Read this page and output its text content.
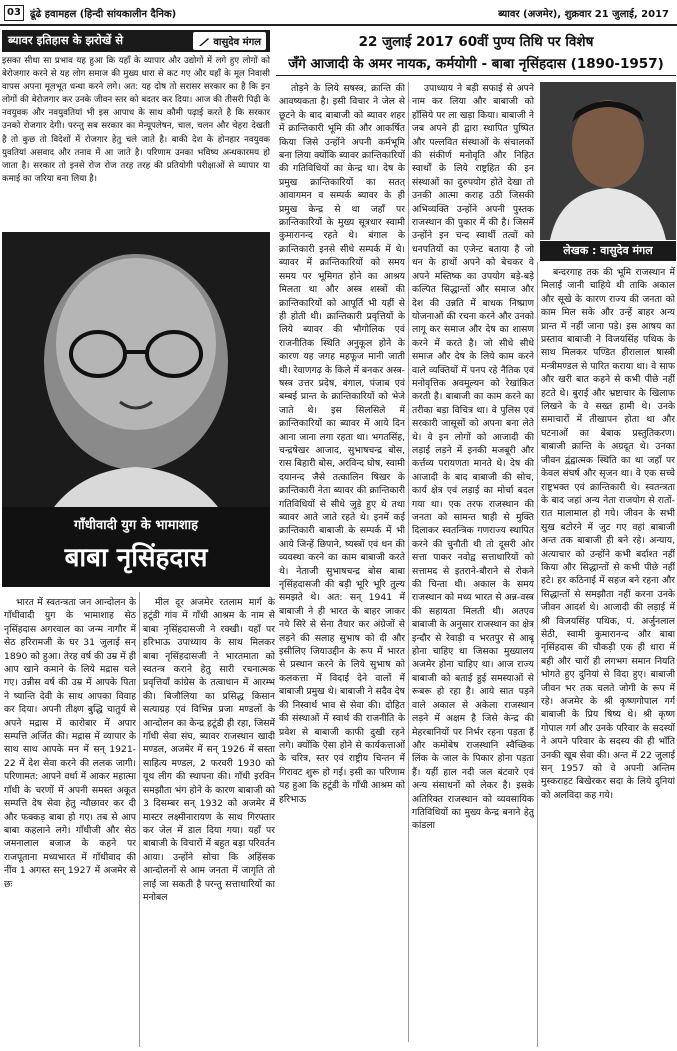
03 ढूंढे हवामहल (हिन्दी सांयकालीन दैनिक)	ब्यावर (अजमेर), शुक्रवार 21 जुलाई, 2017
ब्यावर इतिहास के झरोखें से	वासुदेव मंगल
इसका सीधा सा प्रभाव यह हुआ कि यहाँ के व्यापार और उद्योगों में लगे हुए लोगों को बेरोजगार करने से यह लोग समाज की मुख्य धारा से कट गए और यहाँ के मूल निवासी वापस अपना मूलभूत धन्धा करने लगे। अत: यह दोष तो सरासर सरकार का है कि इन लोगों की बेरोजगार कर उनके जीवन स्तर को बदतर कर दिया। आज की तीसरी पिढ़ी के नवयुवक और नवयुवतियां भी इस आपाध के साथ कौमी पढ़ाई करते है कि सरकार उनको रोजगार देगी। परन्तु सब सरकार का मेन्यूपलेषन, चाल, चलन और चेहरा देखती है तो कुछ तो विदेशों में रोजगार हेतु चले जाते है। बाकी देश के होनहार नवयुवक युवतियां असवाद और तनाव में आ जाते है। परिणाम उनका भविष्य अन्धकारमय हो जाता है। सरकार तो इनसे रोज रोज तरह तरह की प्रतियोगी परीक्षाओं से व्यापार या कमाई का जरिया बना लिया है।
गाँधीवादी युग के भामाशाह
बाबा नृसिंहदास
22 जुलाई 2017 60वीं पुण्य तिथि पर विशेष
जँगे आजादी के अमर नायक, कर्मयोगी - बाबा नृसिंहदास (1890-1957)
लेखक : वासुदेव मंगल

भारत में स्वतन्त्रता जन आन्दोलन के गाँधीवादी युग के भामाशाह सेठ नृसिंहदास अगरवाल का जन्म नागौर में सेठ हरिरामजी के घर 31 जुलाई सन् 1890 को हुआ। तेरह वर्ष की उम्र में ही आप खाने कमाने के लिये मद्रास चले गए। उन्नीस वर्ष की उम्र में आपके पिता ने ष्यान्ति देवी के साथ आपका विवाह कर दिया। अपनी तीक्ष्ण बुद्धि चातुर्य से अपने मद्रास में कारोबार में अपार सम्पत्ति अर्जित की। मद्रास में व्यापार के साथ साथ आपके मन में सन् 1921-22 में देश सेवा करने की ललक जागी। परिणामत: आपने वर्धा में आकर महात्मा गाँधी के चरणों में अपनी समस्त अकूत सम्पत्ति देष सेवा हेतु न्यौछावर कर दी और फक्कड़ बाबा हो गए। तब से आप बाबा कहलाने लगे। गाँधीजी और सेठ जमनालाल बजाज के कहने पर राजपूताना मध्यभारत में गाँधीवाद की नींव 1 अगस्त सन् 1927 में अजमेर से छः

मील दूर अजमेर रतलाम मार्ग के हटूंडी गांव में गाँधी आश्रम के नाम से बाबा नृसिंहदासजी ने रक्खी। यहाँ पर हरिभाऊ उपाध्याय के साथ मिलकर बाबा नृसिंहदासजी ने भारतमाता को स्वतन्त्र कराने हेतु सारी रचनात्मक प्रवृत्तियाँ कांग्रेस के तत्वाधान में आरम्भ की। बिजौलिया का प्रसिद्ध किसान सत्याग्रह एवं विभिन्न प्रजा मण्डलों के आन्दोलन का केन्द्र हटूंडी ही रहा, जिसमें गाँधी सेवा संघ, ब्यावर राजस्थान खादी मण्डल, अजमेर में सन् 1926 में सस्ता साहित्य मण्डल, 2 फरवरी 1930 को यूथ लीग की स्थापना की। गाँधी इरविन समझौता भंग होने के कारण बाबाजी को 3 दिसम्बर सन् 1932 को अजमेर में मास्टर लक्ष्मीनारायण के साथ गिरफ्तार कर जेल में डाल दिया गया। यहाँ पर बाबाजी के विचारों में बहुत बड़ा परिवर्तन आया। उन्होंने सोचा कि अहिंसक आन्दोलनों से आम जनता में जागृति तो लाई जा सकती है परन्तु सत्ताधारियों का मनोबल

तोड़ने के लिये सषस्त्र, क्रान्ति की आवष्यकता है। इसी विचार ने जेल से छूटने के बाद बाबाजी को ब्यावर शहर में क्रान्तिकारी भूमि की और आकर्षित किया जिसे उन्होंने अपनी कर्मभूमि बना लिया क्योंकि ब्यावर क्रान्तिकारियों की गतिविधियों का केन्द्र था। देष के प्रमुख क्रान्तिकारियों का सतत् आवागमन व सम्पर्क ब्यावर के ही प्रमुख केन्द्र से था जहाँ पर क्रान्तिकारियों के मुख्य सूत्रधार स्वामी कुमारानन्द रहते थे। बंगाल के क्रान्तिकारी इनसे सीधे सम्पर्क में थे। ब्यावर में क्रान्तिकारियों को समय समय पर भूमिगत होने का आश्रय मिलता था और अस्त्र शस्त्रों की क्रान्तिकारियों को आपूर्ति भी यहीं से ही होती थी। क्रान्तिकारी प्रवृत्तियों के लिये ब्यावर की भौगोलिक एवं राजनीतिक स्थिति अनुकूल होने के कारण यह जगह महफूज मानी जाती थी। रेवाणगढ़ के किले में बनकर अस्त्र-षस्त्र उत्तर प्रदेष, बंगाल, पंजाब एवं बम्बई प्रान्त के क्रान्तिकारियों को भेजे जाते थे। इस सिलसिले में क्रान्तिकारियों का ब्यावर में आये दिन आना जाना लगा रहता था। भगतसिंह, चन्द्रषेखर आजाद, सुभाषचन्द्र बोस, रास बिहारी बोस, अरविन्द घोष, स्वामी दयानन्द जैसे तत्कालिन षिखर के क्रान्तिकारी नेता ब्यावर की क्रान्तिकारी गतिविधियों से सीधे जुड़े हुए थे तथा ब्यावर आते जाते रहते थे। इनमें कई क्रान्तिकारी बाबाजी के सम्पर्क में भी आये जिन्हें छिपाने, ष्यस्त्रों एवं धन की व्यवस्था करने का काम बाबाजी करते थे। नेताजी सुभाषचन्द्र बोस बाबा नृसिंहदासजी की बड़ी भूरि भूरि तुल्य समझते थे। अत: सन् 1941 में बाबाजी ने ही भारत के बाहर जाकर नये सिरे से सेना तैयार कर अंग्रेजों से लड़ने की सलाह सुभाष को दी और इसीलिए जियाउद्दीन के रूप में भारत से प्रस्थान करने के लिये सुभाष को कलकत्ता में विदाई देने वालों में बाबाजी प्रमुख थे। बाबाजी ने सदैव देष की निस्वार्थ भाव से सेवा की। दोहित की संस्थाओं में स्वार्थ की राजनीति के प्रवेश से बाबाजी काफी दुखी रहने लगे। क्योंकि ऐसा होने से कार्यकत्ताओं के चरित्र, स्तर एवं राष्ट्रीय चिन्तन में गिरावट शुरू हो गई। इसी का परिणाम यह हुआ कि हटूंडी के गाँधी आश्रम को हरिभाऊ

उपाध्याय ने बड़ी सफाई से अपने नाम कर लिया और बाबाजी को हाँसिये पर ला खड़ा किया। बाबाजी ने जब अपने ही द्वारा स्थापित पुष्पित और पल्लवित संस्थाओं के संचालकों की संकीर्ण मनोवृति और निहित स्वार्थों के लिये राष्ट्रहित की इन संस्थाओं का दुरुपयोग होते देखा तो उनकी आत्मा कराह उठी जिसकी अभिव्यक्ति उन्होंने अपनी पुस्तक राजस्थान की पुकार में की है। जिसमें उन्होंने इन चन्द स्वार्थी तत्वों को धनपतियों का एजेन्ट बताया है जो धन के हाथों अपने को बेचकर वे अपने मस्तिष्क का उपयोग बड़े-बड़े कल्पित सिद्धान्तों और समाज और देश की उन्नति में बाधक निष्प्राण योजनाओं की रचना करने और उनको लागू कर समाज और देष का शासण करने में करते है। जो सीधे सीधे समाज और देष के लिये काम करने वाले व्यक्तियों में पनप रहे नैतिक एवं मनोवृत्तिक अवमूल्यन को रेखांकित करती है। बाबाजी का काम करने का तरीका बड़ा विचित्र था। वे पुलिस एवं सरकारी जासूसों को अपना बना लेते थे। वे इन लोगों को आजादी की लड़ाई लड़ने में इनकी मजबूरी और कर्त्तव्य परायणता मानते थे। देष की आजादी के बाद बाबाजी की सोच, कार्य क्षेत्र एवं लड़ाई का मोर्चा बदल गया था। एक तरफ राजस्थान की जनता को सामन्त षाही से मुक्ति दिलाकर स्वतन्त्रिक गणराज्य स्थापित करने की चुनौती थी तो दूसरी ओर सत्ता पाकर नवोद्व सत्ताधारियों को सत्तामद से इतराने-बौराने से रोकने की चिन्ता थी। अकाल के समय राजस्थान को मध्य भारत से अन्न-वस्त्र की सहायता मिलती थी। अतएव बाबाजी के अनुसार राजस्थान का क्षेत्र इन्दौर से रेवाड़ी व भरतपुर से आबू होना चाहिए था जिसका मुख्यालय अजमेर होना चाहिए था। आज राज्य बाबाजी को बताई हुई समस्याओं से रूबरू हो रहा है। आये सात पड़ने वाले अकाल से अकेला राजस्थान लड़ने में अक्षम है जिसे केन्द्र की मेहरबानियों पर निर्भर रहना पड़ता हैं और कमोबेष राजस्थानि स्वैच्छिक लिंक के जाल के पिकार होना पड़ता हैं। यहीं हाल नदी जल बंटवारे एवं अन्य संसाधनों को लेकर है। इसके अतिरिक्त राजस्थान को व्यवसायिक गतिविधियों का मुख्य केन्द्र बनाने हेतु कांडला

बन्दरगाह तक की भूमि राजस्थान में मिलाई जानी चाहिये थी ताकि अकाल और सूखे के कारण राज्य की जनता को काम मिल सके और उन्हें बाहर अन्य प्रान्त में नहीं जाना पड़े। इस आषय का प्रस्ताव बाबाजी ने विजयसिंह पथिक के साथ मिलकर पण्डित हीरालाल षास्त्री मन्त्रीमण्डल से पारित कराया था। वे साफ और खरी बात कहने से कभी पीछे नहीं हटते थे। बुराई और भ्रष्टाचार के खिलाफ लिखने के वे सख्त हामी थे। उनके समाचारों में तीखापन होता था और घटनाओं का बेबाक प्रस्तुतिकरण। बाबाजी क्रान्ति के अग्रदूत थे। उनका जीवन द्वंद्वात्मक स्थिति का था जहाँ पर केवल संघर्ष और सृजन था। वे एक सच्चे राष्ट्रभक्त एवं क्रान्तिकारी थे। स्वतन्त्रता के बाद जहां अन्य नेता राजयोग से रातों-रात मालामाल हो गये। जीवन के सभी सुख बटोरने में जुट गए वहां बाबाजी अन्त तक बाबाजी ही बने रहे। अन्याय, अत्याचार को उन्होंने कभी बर्दाश्त नहीं किया और सिद्धान्तों से कभी पीछे नहीं हटे। हर कठिनाई में सहज बने रहना और सिद्धान्तों से समझौता नहीं करना उनके जीवन आदर्श थे। आजादी की लड़ाई में श्री विजयसिंह पथिक, पं. अर्जुनलाल सेठी, स्वामी कुमारानन्द और बाबा नृसिंहदास की चौकड़ी एक ही धारा में बही और चारों ही लगभग समान नियति भोगते हुए दुनियां से विदा हुए। बाबाजी जीवन भर तक चलते जोगी के रूप में रहे। अजमेर के श्री कृष्णगोपाल गर्ग बाबाजी के प्रिय षिष्य थे। श्री कृष्ण गोपाल गर्ग और उनके परिवार के सदस्यों ने अपने परिवार के सदस्य की ही भाँति उनकी खूब सेवा की। अन्त में 22 जुलाई सन् 1957 को वे अपनी अन्तिम मुस्कराहट बिखेरकर सदा के लिये दुनियां को अलविदा कह गये।
